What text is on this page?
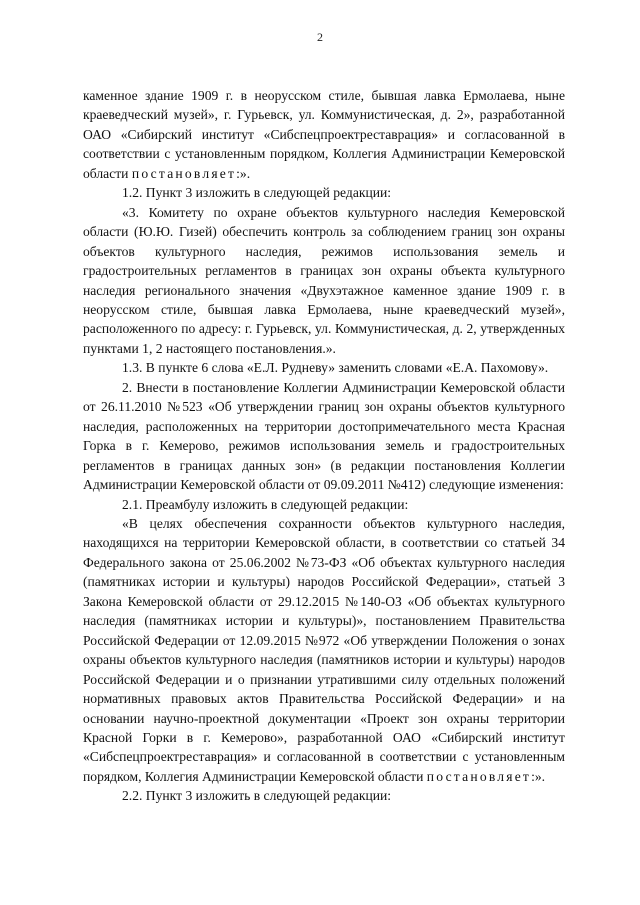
2

каменное здание 1909 г. в неорусском стиле, бывшая лавка Ермолаева, ныне краеведческий музей», г. Гурьевск, ул. Коммунистическая, д. 2», разработанной ОАО «Сибирский институт «Сибспецпроектреставрация» и согласованной в соответствии с установленным порядком, Коллегия Администрации Кемеровской области постановляет:».

1.2. Пункт 3 изложить в следующей редакции:

«3. Комитету по охране объектов культурного наследия Кемеровской области (Ю.Ю. Гизей) обеспечить контроль за соблюдением границ зон охраны объектов культурного наследия, режимов использования земель и градостроительных регламентов в границах зон охраны объекта культурного наследия регионального значения «Двухэтажное каменное здание 1909 г. в неорусском стиле, бывшая лавка Ермолаева, ныне краеведческий музей», расположенного по адресу: г. Гурьевск, ул. Коммунистическая, д. 2, утвержденных пунктами 1, 2 настоящего постановления.».

1.3. В пункте 6 слова «Е.Л. Рудневу» заменить словами «Е.А. Пахомову».

2. Внести в постановление Коллегии Администрации Кемеровской области от 26.11.2010 №523 «Об утверждении границ зон охраны объектов культурного наследия, расположенных на территории достопримечательного места Красная Горка в г. Кемерово, режимов использования земель и градостроительных регламентов в границах данных зон» (в редакции постановления Коллегии Администрации Кемеровской области от 09.09.2011 №412) следующие изменения:

2.1. Преамбулу изложить в следующей редакции:

«В целях обеспечения сохранности объектов культурного наследия, находящихся на территории Кемеровской области, в соответствии со статьей 34 Федерального закона от 25.06.2002 №73-ФЗ «Об объектах культурного наследия (памятниках истории и культуры) народов Российской Федерации», статьей 3 Закона Кемеровской области от 29.12.2015 №140-ОЗ «Об объектах культурного наследия (памятниках истории и культуры)», постановлением Правительства Российской Федерации от 12.09.2015 №972 «Об утверждении Положения о зонах охраны объектов культурного наследия (памятников истории и культуры) народов Российской Федерации и о признании утратившими силу отдельных положений нормативных правовых актов Правительства Российской Федерации» и на основании научно-проектной документации «Проект зон охраны территории Красной Горки в г. Кемерово», разработанной ОАО «Сибирский институт «Сибспецпроектреставрация» и согласованной в соответствии с установленным порядком, Коллегия Администрации Кемеровской области постановляет:».

2.2. Пункт 3 изложить в следующей редакции:
